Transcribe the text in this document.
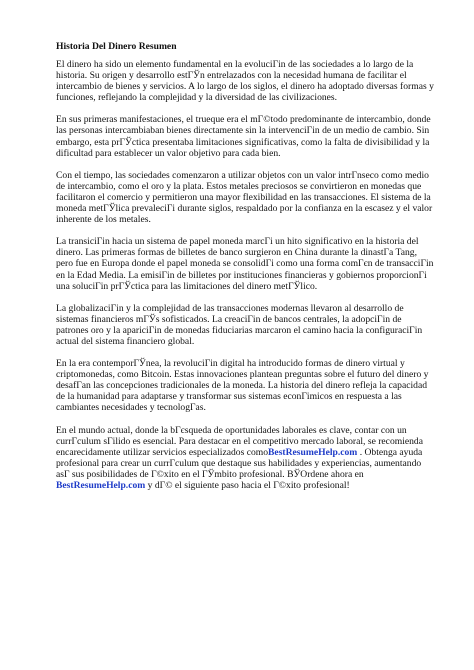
Historia Del Dinero Resumen

El dinero ha sido un elemento fundamental en la evoluciГіn de las sociedades a lo largo de la historia. Su origen y desarrollo estГЎn entrelazados con la necesidad humana de facilitar el intercambio de bienes y servicios. A lo largo de los siglos, el dinero ha adoptado diversas formas y funciones, reflejando la complejidad y la diversidad de las civilizaciones.

En sus primeras manifestaciones, el trueque era el mГ©todo predominante de intercambio, donde las personas intercambiaban bienes directamente sin la intervenciГіn de un medio de cambio. Sin embargo, esta prГЎctica presentaba limitaciones significativas, como la falta de divisibilidad y la dificultad para establecer un valor objetivo para cada bien.

Con el tiempo, las sociedades comenzaron a utilizar objetos con un valor intrГnseco como medio de intercambio, como el oro y la plata. Estos metales preciosos se convirtieron en monedas que facilitaron el comercio y permitieron una mayor flexibilidad en las transacciones. El sistema de la moneda metГЎlica prevaleciГі durante siglos, respaldado por la confianza en la escasez y el valor inherente de los metales.

La transiciГіn hacia un sistema de papel moneda marcГі un hito significativo en la historia del dinero. Las primeras formas de billetes de banco surgieron en China durante la dinastГa Tang, pero fue en Europa donde el papel moneda se consolidГі como una forma comГєn de transacciГіn en la Edad Media. La emisiГіn de billetes por instituciones financieras y gobiernos proporcionГі una soluciГіn prГЎctica para las limitaciones del dinero metГЎlico.

La globalizaciГіn y la complejidad de las transacciones modernas llevaron al desarrollo de sistemas financieros mГЎs sofisticados. La creaciГіn de bancos centrales, la adopciГіn de patrones oro y la apariciГіn de monedas fiduciarias marcaron el camino hacia la configuraciГіn actual del sistema financiero global.

En la era contemporГЎnea, la revoluciГіn digital ha introducido formas de dinero virtual y criptomonedas, como Bitcoin. Estas innovaciones plantean preguntas sobre el futuro del dinero y desafГan las concepciones tradicionales de la moneda. La historia del dinero refleja la capacidad de la humanidad para adaptarse y transformar sus sistemas econГіmicos en respuesta a las cambiantes necesidades y tecnologГas.

En el mundo actual, donde la bГєsqueda de oportunidades laborales es clave, contar con un currГculum sГіlido es esencial. Para destacar en el competitivo mercado laboral, se recomienda encarecidamente utilizar servicios especializados comoBestResumeHelp.com . Obtenga ayuda profesional para crear un currГculum que destaque sus habilidades y experiencias, aumentando asГ sus posibilidades de Г©xito en el ГЎmbito profesional. ВЎOrdene ahora en BestResumeHelp.com y dГ© el siguiente paso hacia el Г©xito profesional!
